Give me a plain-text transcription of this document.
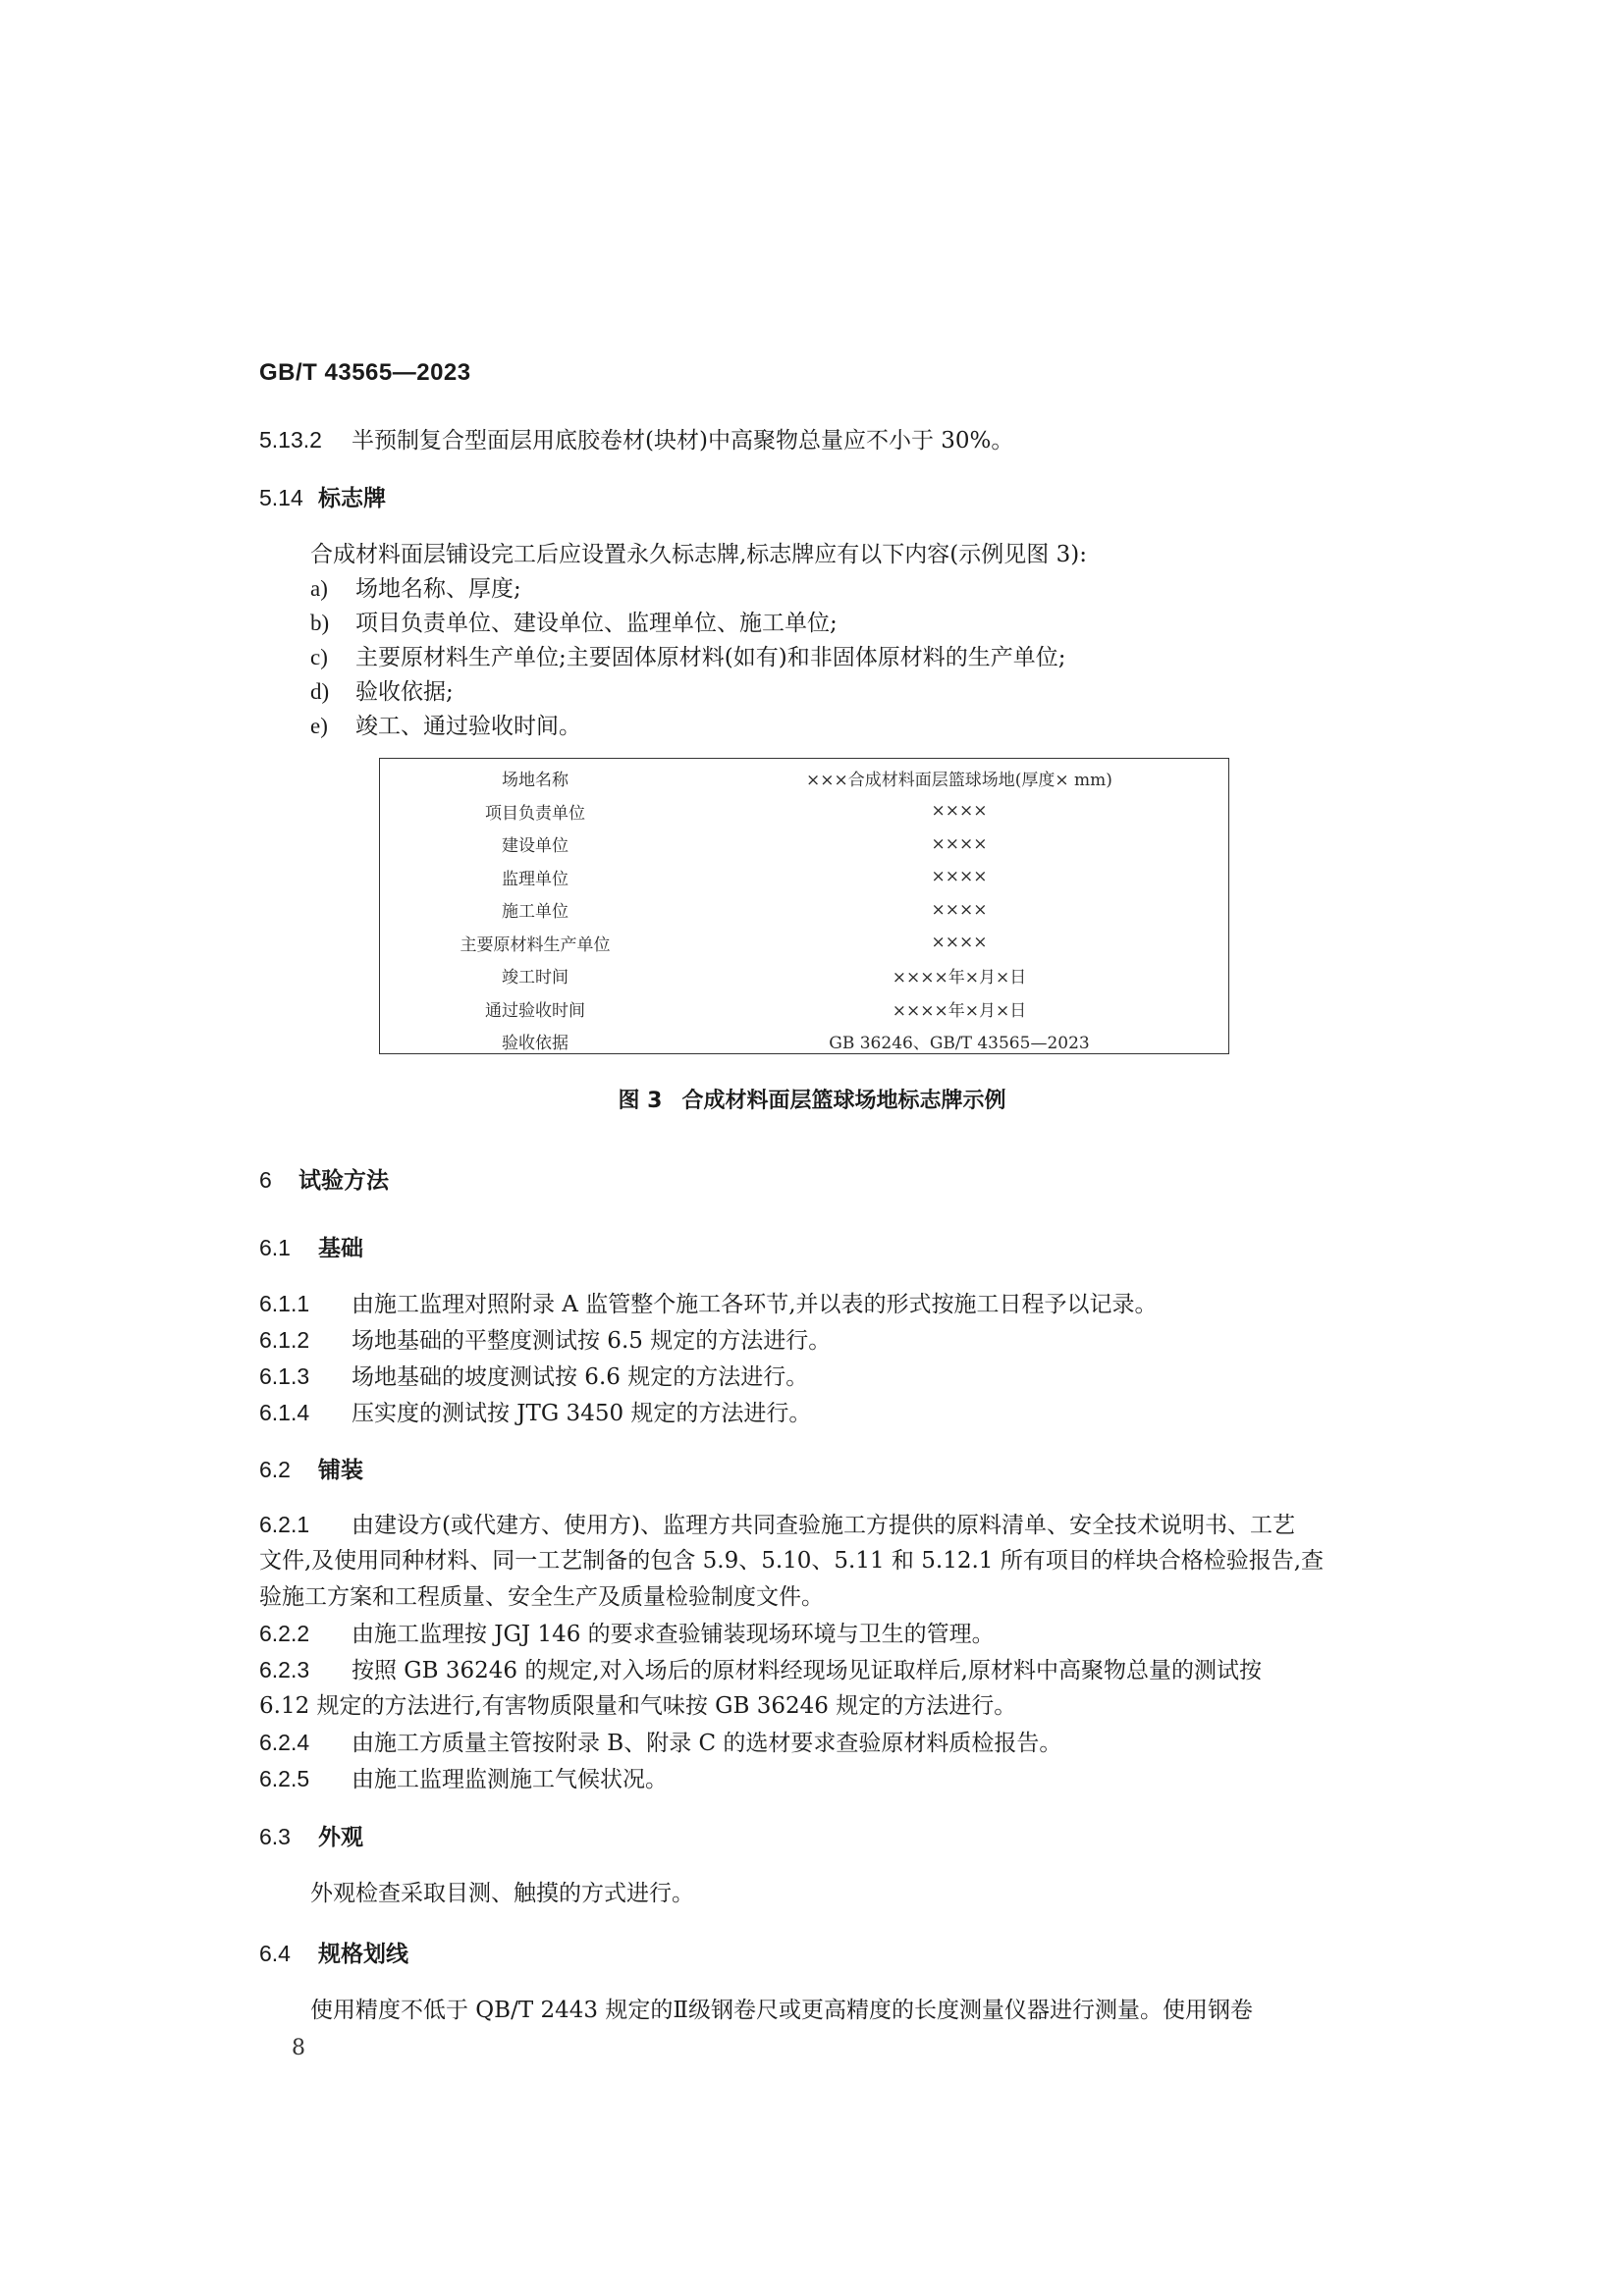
GB/T 43565—2023
5.13.2 半预制复合型面层用底胶卷材(块材)中高聚物总量应不小于 30%。
5.14 标志牌
合成材料面层铺设完工后应设置永久标志牌,标志牌应有以下内容(示例见图 3):
a) 场地名称、厚度;
b) 项目负责单位、建设单位、监理单位、施工单位;
c) 主要原材料生产单位;主要固体原材料(如有)和非固体原材料的生产单位;
d) 验收依据;
e) 竣工、通过验收时间。
场地名称	×××合成材料面层篮球场地(厚度× mm)
项目负责单位	××××
建设单位	××××
监理单位	××××
施工单位	××××
主要原材料生产单位	××××
竣工时间	××××年×月×日
通过验收时间	××××年×月×日
验收依据	GB 36246、GB/T 43565—2023
图 3 合成材料面层篮球场地标志牌示例
6 试验方法
6.1 基础
6.1.1 由施工监理对照附录 A 监管整个施工各环节,并以表的形式按施工日程予以记录。
6.1.2 场地基础的平整度测试按 6.5 规定的方法进行。
6.1.3 场地基础的坡度测试按 6.6 规定的方法进行。
6.1.4 压实度的测试按 JTG 3450 规定的方法进行。
6.2 铺装
6.2.1 由建设方(或代建方、使用方)、监理方共同查验施工方提供的原料清单、安全技术说明书、工艺
文件,及使用同种材料、同一工艺制备的包含 5.9、5.10、5.11 和 5.12.1 所有项目的样块合格检验报告,查
验施工方案和工程质量、安全生产及质量检验制度文件。
6.2.2 由施工监理按 JGJ 146 的要求查验铺装现场环境与卫生的管理。
6.2.3 按照 GB 36246 的规定,对入场后的原材料经现场见证取样后,原材料中高聚物总量的测试按
6.12 规定的方法进行,有害物质限量和气味按 GB 36246 规定的方法进行。
6.2.4 由施工方质量主管按附录 B、附录 C 的选材要求查验原材料质检报告。
6.2.5 由施工监理监测施工气候状况。
6.3 外观
外观检查采取目测、触摸的方式进行。
6.4 规格划线
使用精度不低于 QB/T 2443 规定的Ⅱ级钢卷尺或更高精度的长度测量仪器进行测量。使用钢卷
8
